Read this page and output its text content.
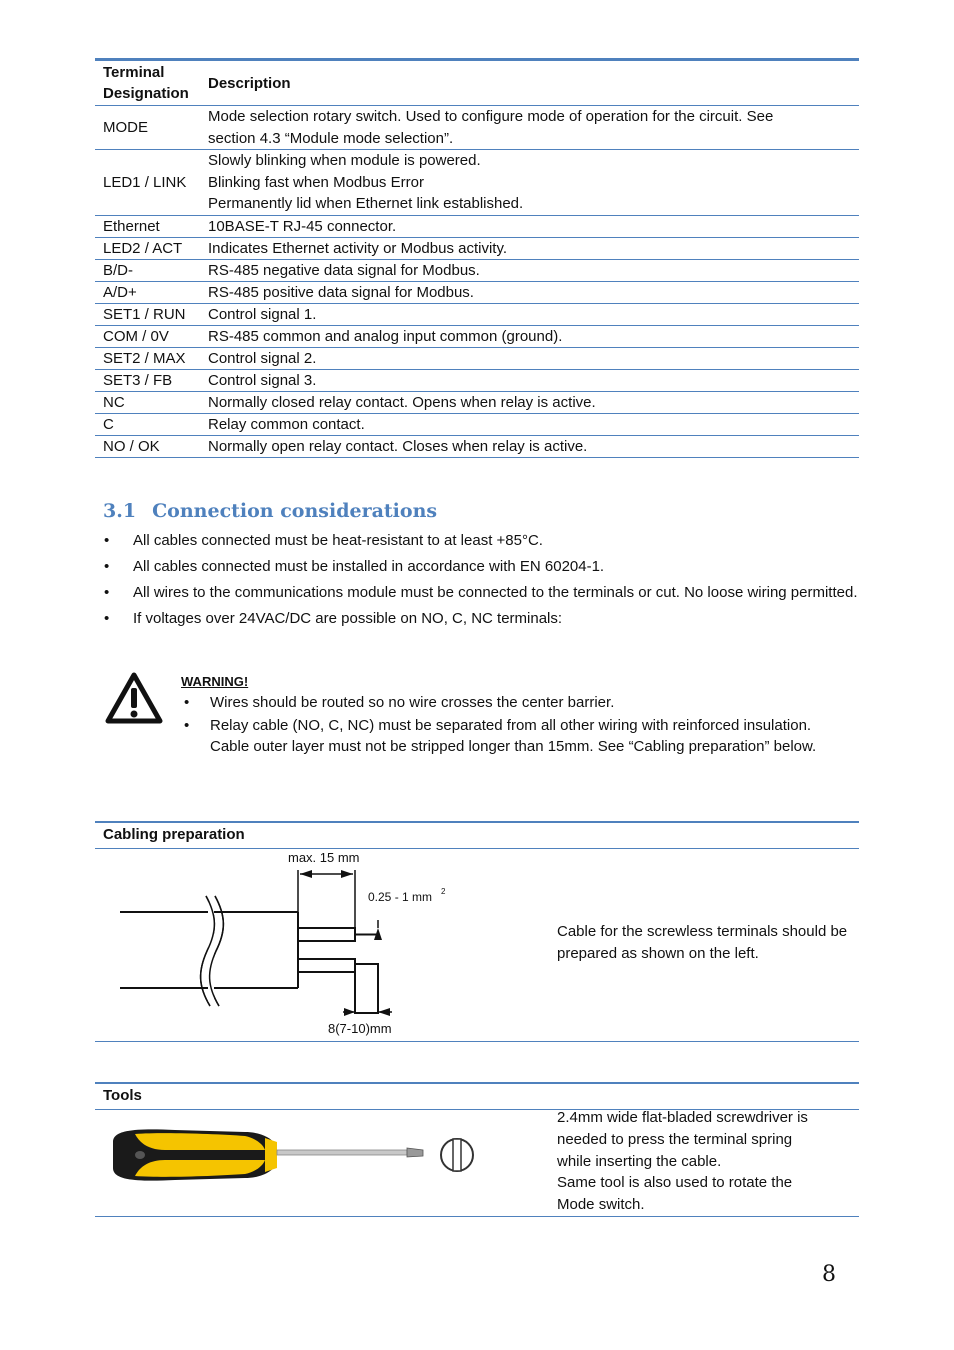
Terminal
Designation	Description
MODE	Mode selection rotary switch. Used to configure mode of operation for the circuit. See
section 4.3 “Module mode selection”.

LED1 / LINK	Slowly blinking when module is powered.
Blinking fast when Modbus Error
Permanently lid when Ethernet link established.

Ethernet	10BASE-T RJ-45 connector.

LED2 / ACT	Indicates Ethernet activity or Modbus activity.

B/D-	RS-485 negative data signal for Modbus.

A/D+	RS-485 positive data signal for Modbus.

SET1 / RUN	Control signal 1.

COM / 0V	RS-485 common and analog input common (ground).

SET2 / MAX	Control signal 2.

SET3 / FB	Control signal 3.

NC	Normally closed relay contact. Opens when relay is active.

C	Relay common contact.

NO / OK	Normally open relay contact. Closes when relay is active.
3.1 Connection considerations
• All cables connected must be heat-resistant to at least +85°C.
• All cables connected must be installed in accordance with EN 60204-1.
• All wires to the communications module must be connected to the terminals or cut. No loose wiring permitted.
• If voltages over 24VAC/DC are possible on NO, C, NC terminals:
WARNING!
• Wires should be routed so no wire crosses the center barrier.
• Relay cable (NO, C, NC) must be separated from all other wiring with reinforced insulation. Cable outer layer must not be stripped longer than 15mm. See “Cabling preparation” below.
Cabling preparation
max. 15 mm
0.25 - 1 mm 2
8(7-10)mm
Cable for the screwless terminals should be prepared as shown on the left.
Tools
2.4mm wide flat-bladed screwdriver is
needed to press the terminal spring
while inserting the cable.
Same tool is also used to rotate the
Mode switch.
8
